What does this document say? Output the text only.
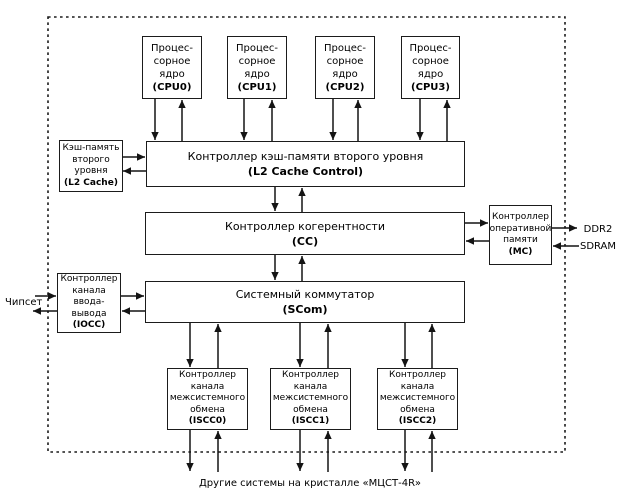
Процес-
сорное
ядро
(CPU0)
Процес-
сорное
ядро
(CPU1)
Процес-
сорное
ядро
(CPU2)
Процес-
сорное
ядро
(CPU3)
Кэш-память
второго
уровня
(L2 Cache)
Контроллер кэш-памяти второго уровня
(L2 Cache Control)
Контроллер когерентности
(CC)
Контроллер
оперативной
памяти
(MC)
Контроллер
канала
ввода-
вывода
(IOCC)
Системный коммутатор
(SCom)
Контроллер
канала
межсистемного
обмена
(ISCC0)
Контроллер
канала
межсистемного
обмена
(ISCC1)
Контроллер
канала
межсистемного
обмена
(ISCC2)
Чипсет
DDR2
SDRAM
Другие системы на кристалле «МЦСТ-4R»
